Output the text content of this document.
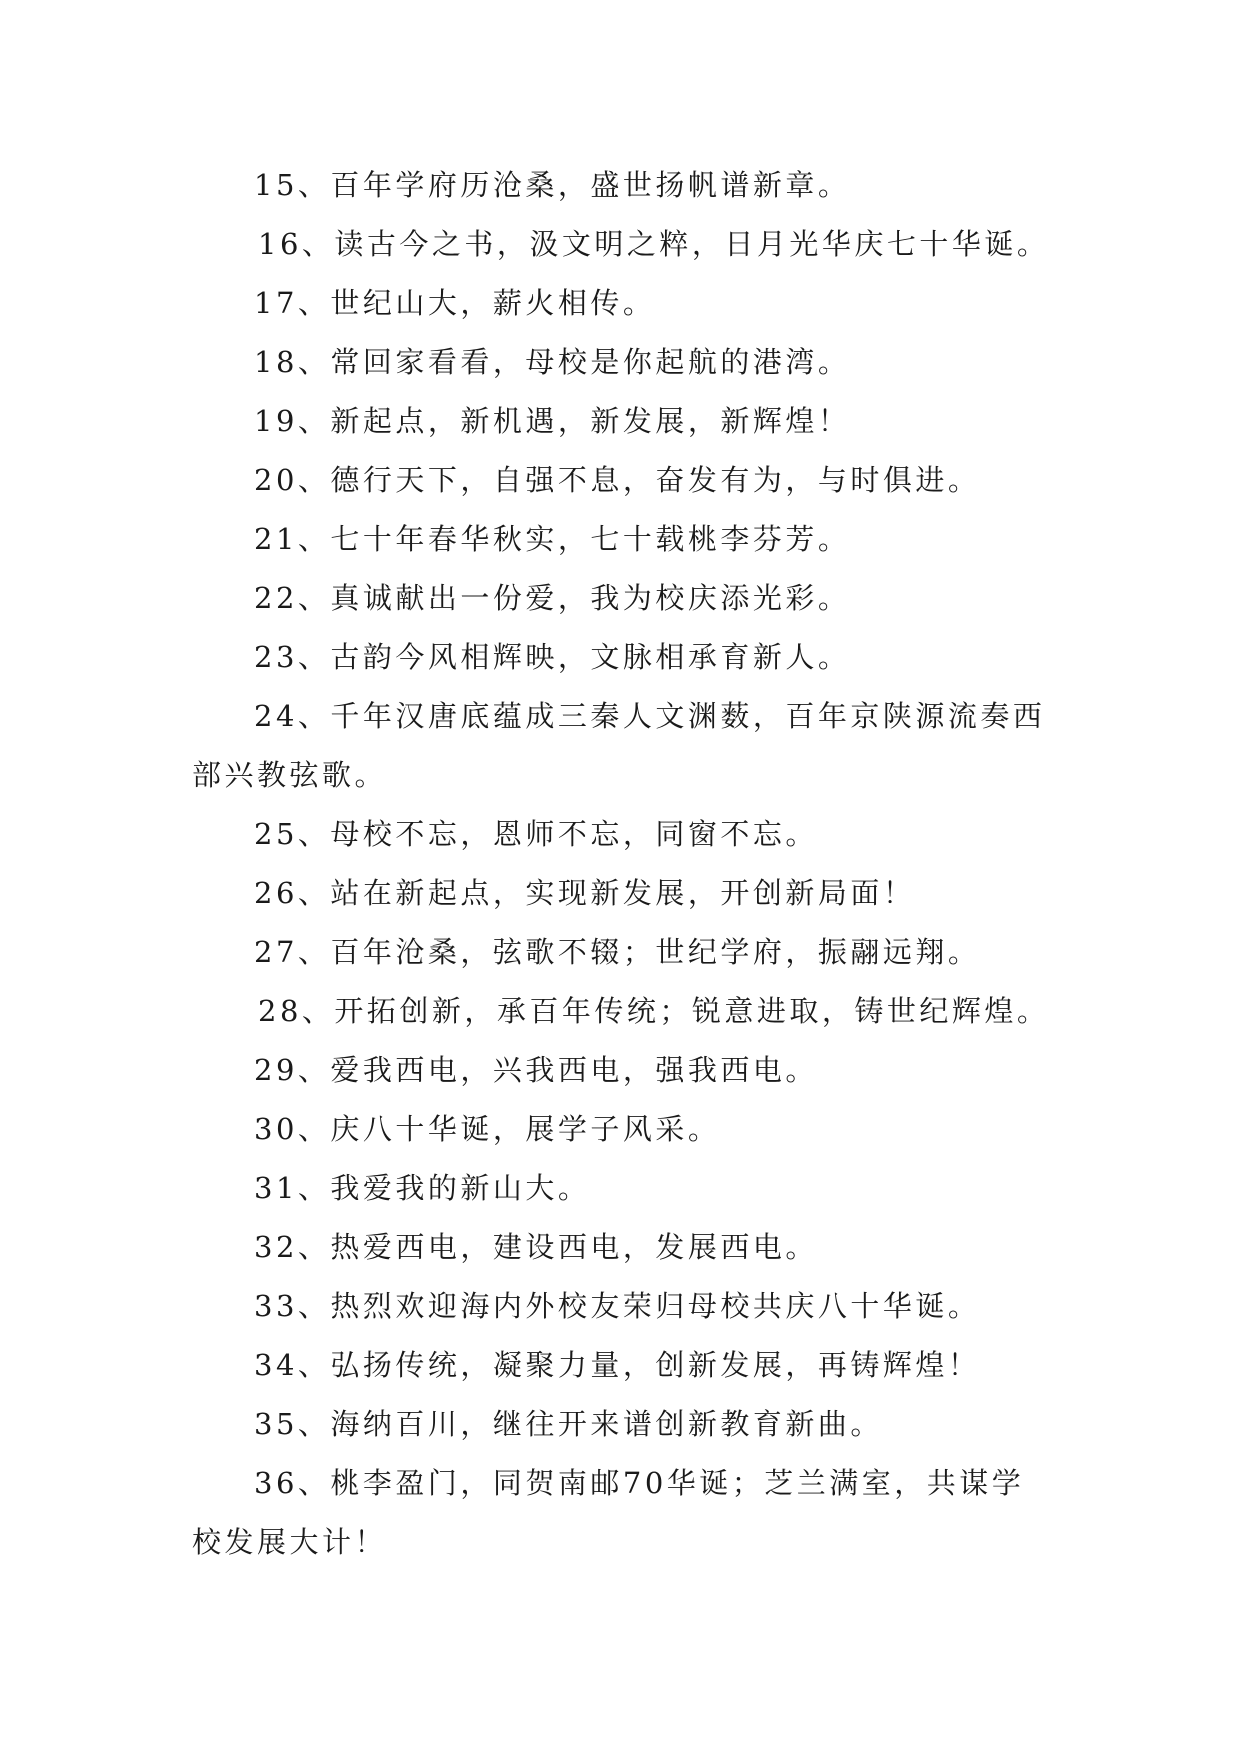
15、百年学府历沧桑，盛世扬帆谱新章。
16、读古今之书，汲文明之粹，日月光华庆七十华诞。
17、世纪山大，薪火相传。
18、常回家看看，母校是你起航的港湾。
19、新起点，新机遇，新发展，新辉煌！
20、德行天下，自强不息，奋发有为，与时俱进。
21、七十年春华秋实，七十载桃李芬芳。
22、真诚献出一份爱，我为校庆添光彩。
23、古韵今风相辉映，文脉相承育新人。
24、千年汉唐底蕴成三秦人文渊薮，百年京陕源流奏西
部兴教弦歌。
25、母校不忘，恩师不忘，同窗不忘。
26、站在新起点，实现新发展，开创新局面！
27、百年沧桑，弦歌不辍；世纪学府，振翮远翔。
28、开拓创新，承百年传统；锐意进取，铸世纪辉煌。
29、爱我西电，兴我西电，强我西电。
30、庆八十华诞，展学子风采。
31、我爱我的新山大。
32、热爱西电，建设西电，发展西电。
33、热烈欢迎海内外校友荣归母校共庆八十华诞。
34、弘扬传统，凝聚力量，创新发展，再铸辉煌！
35、海纳百川，继往开来谱创新教育新曲。
36、桃李盈门，同贺南邮70华诞；芝兰满室，共谋学
校发展大计！
